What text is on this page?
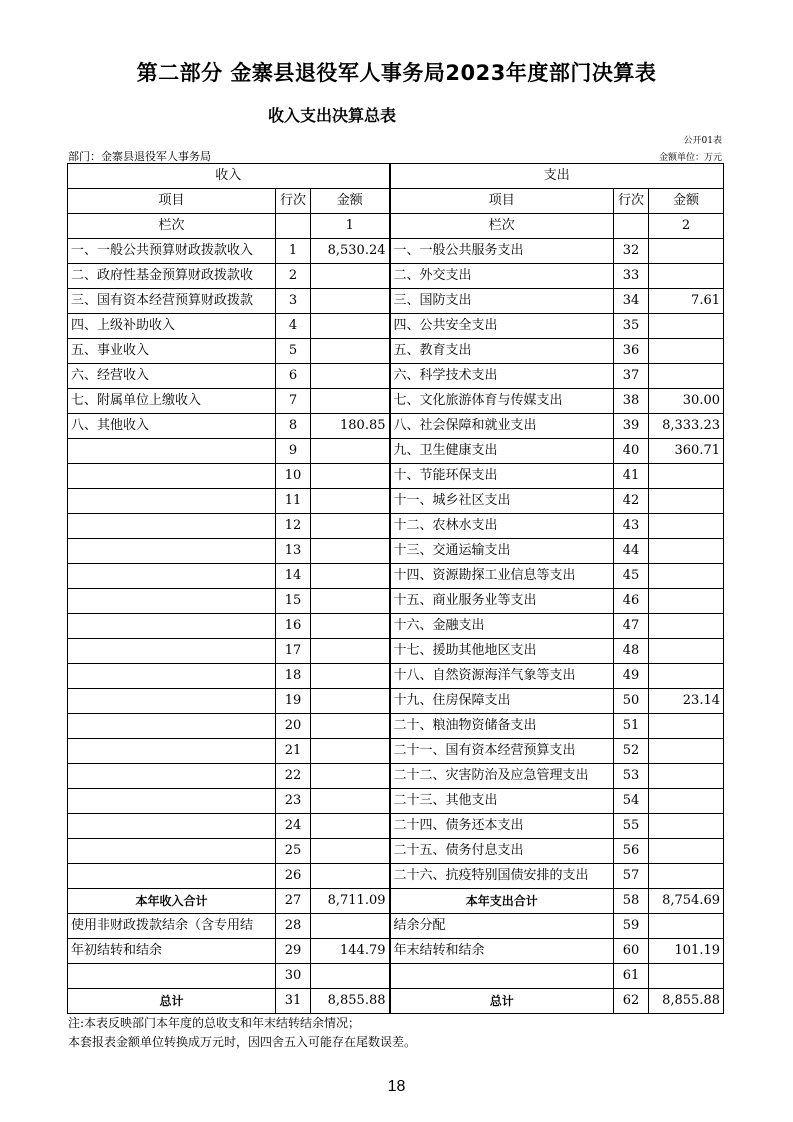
第二部分 金寨县退役军人事务局2023年度部门决算表
收入支出决算总表
公开01表
部门：金寨县退役军人事务局	金额单位：万元
收入			支出		
项目	行次	金额	项目	行次	金额
栏次		1	栏次		2
一、一般公共预算财政拨款收入	1	8,530.24	一、一般公共服务支出	32	
二、政府性基金预算财政拨款收	2		二、外交支出	33	
三、国有资本经营预算财政拨款	3		三、国防支出	34	7.61
四、上级补助收入	4		四、公共安全支出	35	
五、事业收入	5		五、教育支出	36	
六、经营收入	6		六、科学技术支出	37	
七、附属单位上缴收入	7		七、文化旅游体育与传媒支出	38	30.00
八、其他收入	8	180.85	八、社会保障和就业支出	39	8,333.23
	9		九、卫生健康支出	40	360.71
	10		十、节能环保支出	41	
	11		十一、城乡社区支出	42	
	12		十二、农林水支出	43	
	13		十三、交通运输支出	44	
	14		十四、资源勘探工业信息等支出	45	
	15		十五、商业服务业等支出	46	
	16		十六、金融支出	47	
	17		十七、援助其他地区支出	48	
	18		十八、自然资源海洋气象等支出	49	
	19		十九、住房保障支出	50	23.14
	20		二十、粮油物资储备支出	51	
	21		二十一、国有资本经营预算支出	52	
	22		二十二、灾害防治及应急管理支出	53	
	23		二十三、其他支出	54	
	24		二十四、债务还本支出	55	
	25		二十五、债务付息支出	56	
	26		二十六、抗疫特别国债安排的支出	57	
本年收入合计	27	8,711.09	本年支出合计	58	8,754.69
使用非财政拨款结余（含专用结	28		结余分配	59	
年初结转和结余	29	144.79	年末结转和结余	60	101.19
	30			61	
总计	31	8,855.88	总计	62	8,855.88
注:本表反映部门本年度的总收支和年末结转结余情况；
本套报表金额单位转换成万元时，因四舍五入可能存在尾数误差。
18
